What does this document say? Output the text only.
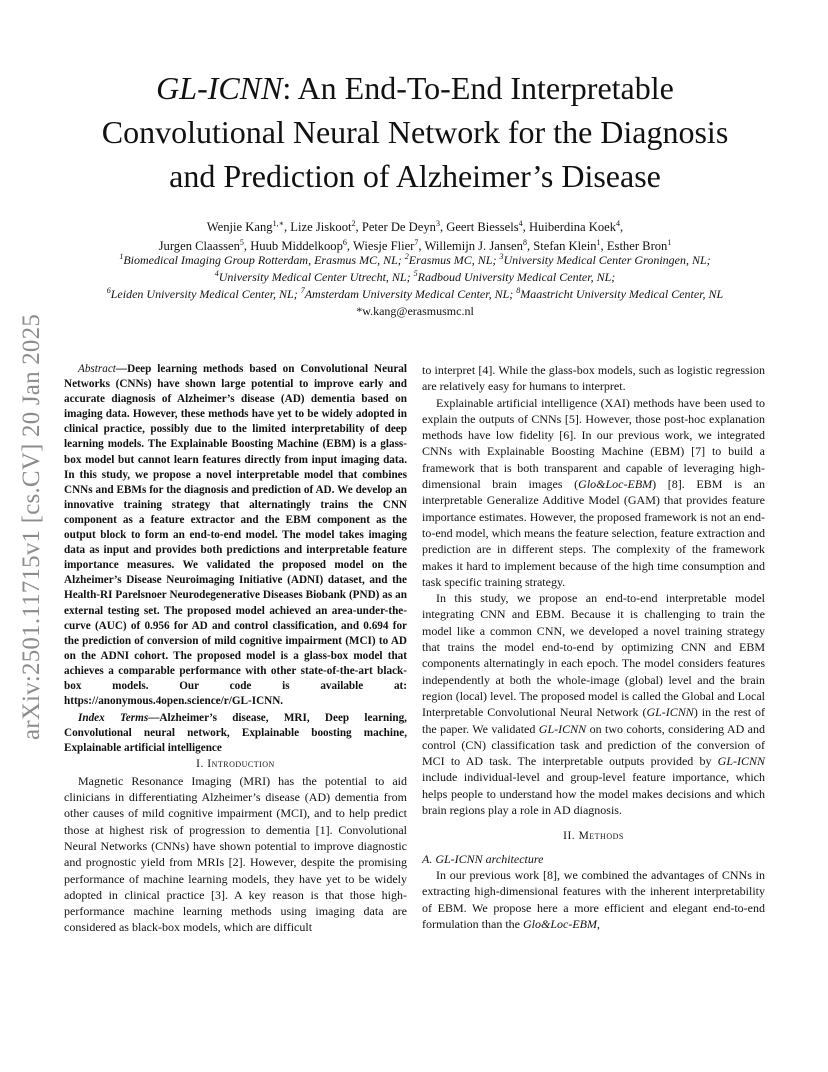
arXiv:2501.11715v1 [cs.CV] 20 Jan 2025
GL-ICNN: An End-To-End Interpretable
Convolutional Neural Network for the Diagnosis
and Prediction of Alzheimer’s Disease
Wenjie Kang$^{1,∗}$, Lize Jiskoot$^2$, Peter De Deyn$^3$, Geert Biessels$^4$, Huiberdina Koek$^4$,
Jurgen Claassen$^5$, Huub Middelkoop$^6$, Wiesje Flier$^7$, Willemijn J. Jansen$^8$, Stefan Klein$^1$, Esther Bron$^1$
$^1$Biomedical Imaging Group Rotterdam, Erasmus MC, NL; $^2$Erasmus MC, NL; $^3$University Medical Center Groningen, NL;
$^4$University Medical Center Utrecht, NL; $^5$Radboud University Medical Center, NL;
$^6$Leiden University Medical Center, NL; $^7$Amsterdam University Medical Center, NL; $^8$Maastricht University Medical Center, NL
*w.kang@erasmusmc.nl

Abstract—Deep learning methods based on Convolutional Neural Networks (CNNs) have shown large potential to improve early and accurate diagnosis of Alzheimer’s disease (AD) dementia based on imaging data. However, these methods have yet to be widely adopted in clinical practice, possibly due to the limited interpretability of deep learning models. The Explainable Boosting Machine (EBM) is a glass-box model but cannot learn features directly from input imaging data. In this study, we propose a novel interpretable model that combines CNNs and EBMs for the diagnosis and prediction of AD. We develop an innovative training strategy that alternatingly trains the CNN component as a feature extractor and the EBM component as the output block to form an end-to-end model. The model takes imaging data as input and provides both predictions and interpretable feature importance measures. We validated the proposed model on the Alzheimer’s Disease Neuroimaging Initiative (ADNI) dataset, and the Health-RI Parelsnoer Neurodegenerative Diseases Biobank (PND) as an external testing set. The proposed model achieved an area-under-the-curve (AUC) of 0.956 for AD and control classification, and 0.694 for the prediction of conversion of mild cognitive impairment (MCI) to AD on the ADNI cohort. The proposed model is a glass-box model that achieves a comparable performance with other state-of-the-art black-box models. Our code is available at: https://anonymous.4open.science/r/GL-ICNN.

Index Terms—Alzheimer’s disease, MRI, Deep learning, Convolutional neural network, Explainable boosting machine, Explainable artificial intelligence

I. Introduction

Magnetic Resonance Imaging (MRI) has the potential to aid clinicians in differentiating Alzheimer’s disease (AD) dementia from other causes of mild cognitive impairment (MCI), and to help predict those at highest risk of progression to dementia [1]. Convolutional Neural Networks (CNNs) have shown potential to improve diagnostic and prognostic yield from MRIs [2]. However, despite the promising performance of machine learning models, they have yet to be widely adopted in clinical practice [3]. A key reason is that those high-performance machine learning methods using imaging data are considered as black-box models, which are difficult

to interpret [4]. While the glass-box models, such as logistic regression are relatively easy for humans to interpret.

Explainable artificial intelligence (XAI) methods have been used to explain the outputs of CNNs [5]. However, those post-hoc explanation methods have low fidelity [6]. In our previous work, we integrated CNNs with Explainable Boosting Machine (EBM) [7] to build a framework that is both transparent and capable of leveraging high-dimensional brain images (Glo&Loc-EBM) [8]. EBM is an interpretable Generalize Additive Model (GAM) that provides feature importance estimates. However, the proposed framework is not an end-to-end model, which means the feature selection, feature extraction and prediction are in different steps. The complexity of the framework makes it hard to implement because of the high time consumption and task specific training strategy.

In this study, we propose an end-to-end interpretable model integrating CNN and EBM. Because it is challenging to train the model like a common CNN, we developed a novel training strategy that trains the model end-to-end by optimizing CNN and EBM components alternatingly in each epoch. The model considers features independently at both the whole-image (global) level and the brain region (local) level. The proposed model is called the Global and Local Interpretable Convolutional Neural Network (GL-ICNN) in the rest of the paper. We validated GL-ICNN on two cohorts, considering AD and control (CN) classification task and prediction of the conversion of MCI to AD task. The interpretable outputs provided by GL-ICNN include individual-level and group-level feature importance, which helps people to understand how the model makes decisions and which brain regions play a role in AD diagnosis.

II. Methods

A. GL-ICNN architecture

In our previous work [8], we combined the advantages of CNNs in extracting high-dimensional features with the inherent interpretability of EBM. We propose here a more efficient and elegant end-to-end formulation than the Glo&Loc-EBM,
